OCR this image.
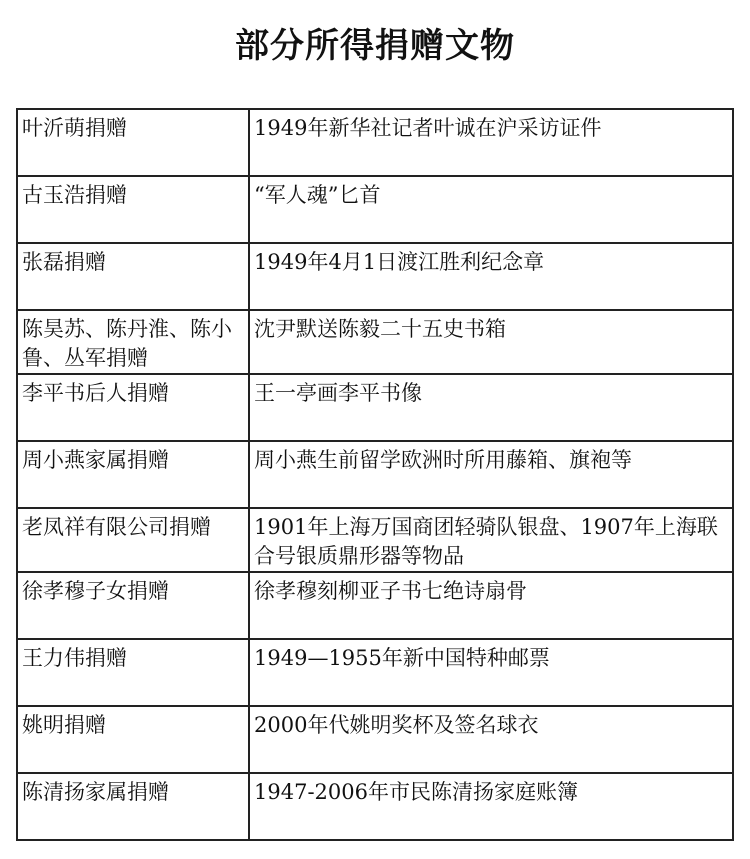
部分所得捐赠文物
叶沂萌捐赠	1949年新华社记者叶诚在沪采访证件
古玉浩捐赠	“军人魂”匕首
张磊捐赠	1949年4月1日渡江胜利纪念章
陈昊苏、陈丹淮、陈小鲁、丛军捐赠	沈尹默送陈毅二十五史书箱
李平书后人捐赠	王一亭画李平书像
周小燕家属捐赠	周小燕生前留学欧洲时所用藤箱、旗袍等
老凤祥有限公司捐赠	1901年上海万国商团轻骑队银盘、1907年上海联合号银质鼎形器等物品
徐孝穆子女捐赠	徐孝穆刻柳亚子书七绝诗扇骨
王力伟捐赠	1949—1955年新中国特种邮票
姚明捐赠	2000年代姚明奖杯及签名球衣
陈清扬家属捐赠	1947-2006年市民陈清扬家庭账簿
